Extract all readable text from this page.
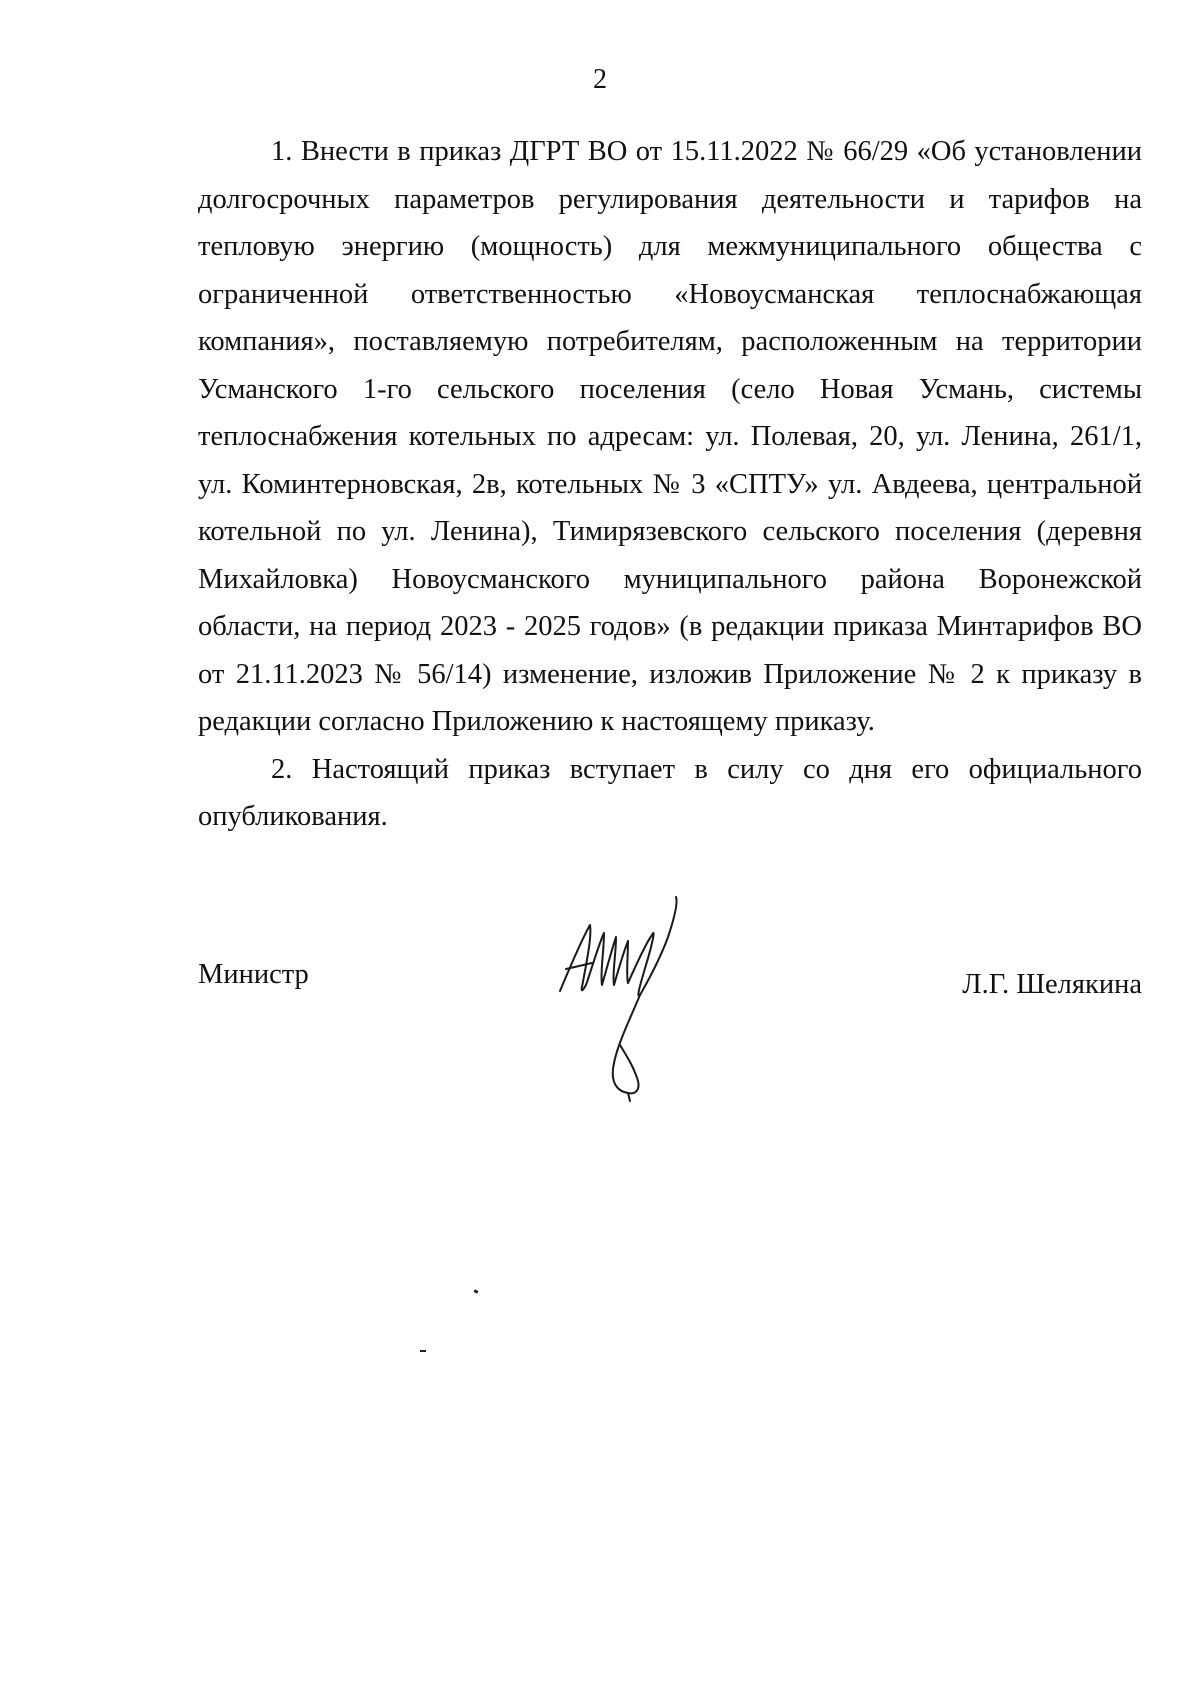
2

1. Внести в приказ ДГРТ ВО от 15.11.2022 № 66/29 «Об установлении долгосрочных параметров регулирования деятельности и тарифов на тепловую энергию (мощность) для межмуниципального общества с ограниченной ответственностью «Новоусманская теплоснабжающая компания», поставляемую потребителям, расположенным на территории Усманского 1-го сельского поселения (село Новая Усмань, системы теплоснабжения котельных по адресам: ул. Полевая, 20, ул. Ленина, 261/1, ул. Коминтерновская, 2в, котельных № 3 «СПТУ» ул. Авдеева, центральной котельной по ул. Ленина), Тимирязевского сельского поселения (деревня Михайловка) Новоусманского муниципального района Воронежской области, на период 2023 - 2025 годов» (в редакции приказа Минтарифов ВО от 21.11.2023 № 56/14) изменение, изложив Приложение № 2 к приказу в редакции согласно Приложению к настоящему приказу.

2. Настоящий приказ вступает в силу со дня его официального опубликования.

Министр	Л.Г. Шелякина
